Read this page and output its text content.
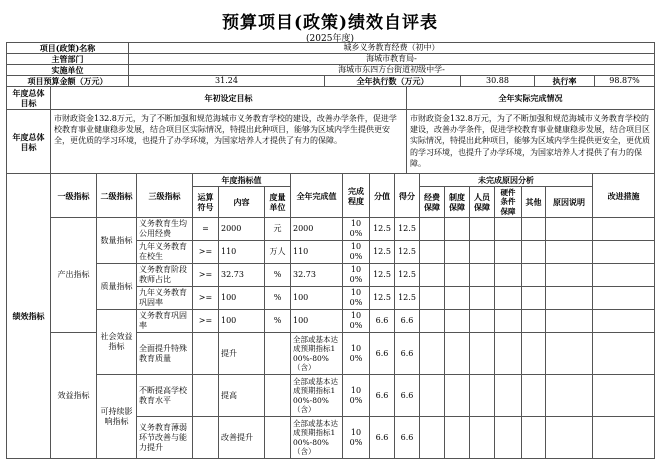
预算项目(政策)绩效自评表
(2025年度)
项目(政策)名称	城乡义务教育经费（初中）				
主管部门	海城市教育局-				
实施单位	海城市东四方台街道初级中学-				
项目预算金额（万元）	31.24	全年执行数（万元）	30.88	执行率	98.87%
年度总体目标	年初设定目标	全年实际完成情况
年度总体目标	市财政资金132.8万元，为了不断加强和规范海城市义务教育学校的建设，改善办学条件，促进学校教育事业健康稳步发展，结合项目区实际情况，特提出此种项目，能够为区域内学生提供更安全，更优质的学习环境，也提升了办学环境，为国家培养人才提供了有力的保障。	市财政资金132.8万元，为了不断加强和规范海城市义务教育学校的建设，改善办学条件，促进学校教育事业健康稳步发展，结合项目区实际情况，特提出此种项目，能够为区域内学生提供更安全，更优质的学习环境，也提升了办学环境，为国家培养人才提供了有力的保障。
绩效指标	一级指标	二级指标	三级指标	年度指标值			全年完成值	完成程度	分值	得分	未完成原因分析						改进措施
				运算符号	内容	度量单位					经费保障	制度保障	人员保障	硬件条件保障	其他	原因说明	
	产出指标	数量指标	义务教育生均公用经费	=	2000	元	2000	100%	12.5	12.5							
			九年义务教育在校生	>=	110	万人	110	100%	12.5	12.5							
		质量指标	义务教育阶段教师占比	>=	32.73	%	32.73	100%	12.5	12.5							
			九年义务教育巩固率	>=	100	%	100	100%	12.5	12.5							
		社会效益指标	义务教育巩固率	>=	100	%	100	100%	6.6	6.6							
	效益指标		全面提升特殊教育质量		提升		全部或基本达成预期指标100%-80%（含）	100%	6.6	6.6							
		可持续影响指标	不断提高学校教育水平		提高		全部或基本达成预期指标100%-80%（含）	100%	6.6	6.6							
			义务教育薄弱环节改善与能力提升		改善提升		全部或基本达成预期指标100%-80%（含）	100%	6.6	6.6							
